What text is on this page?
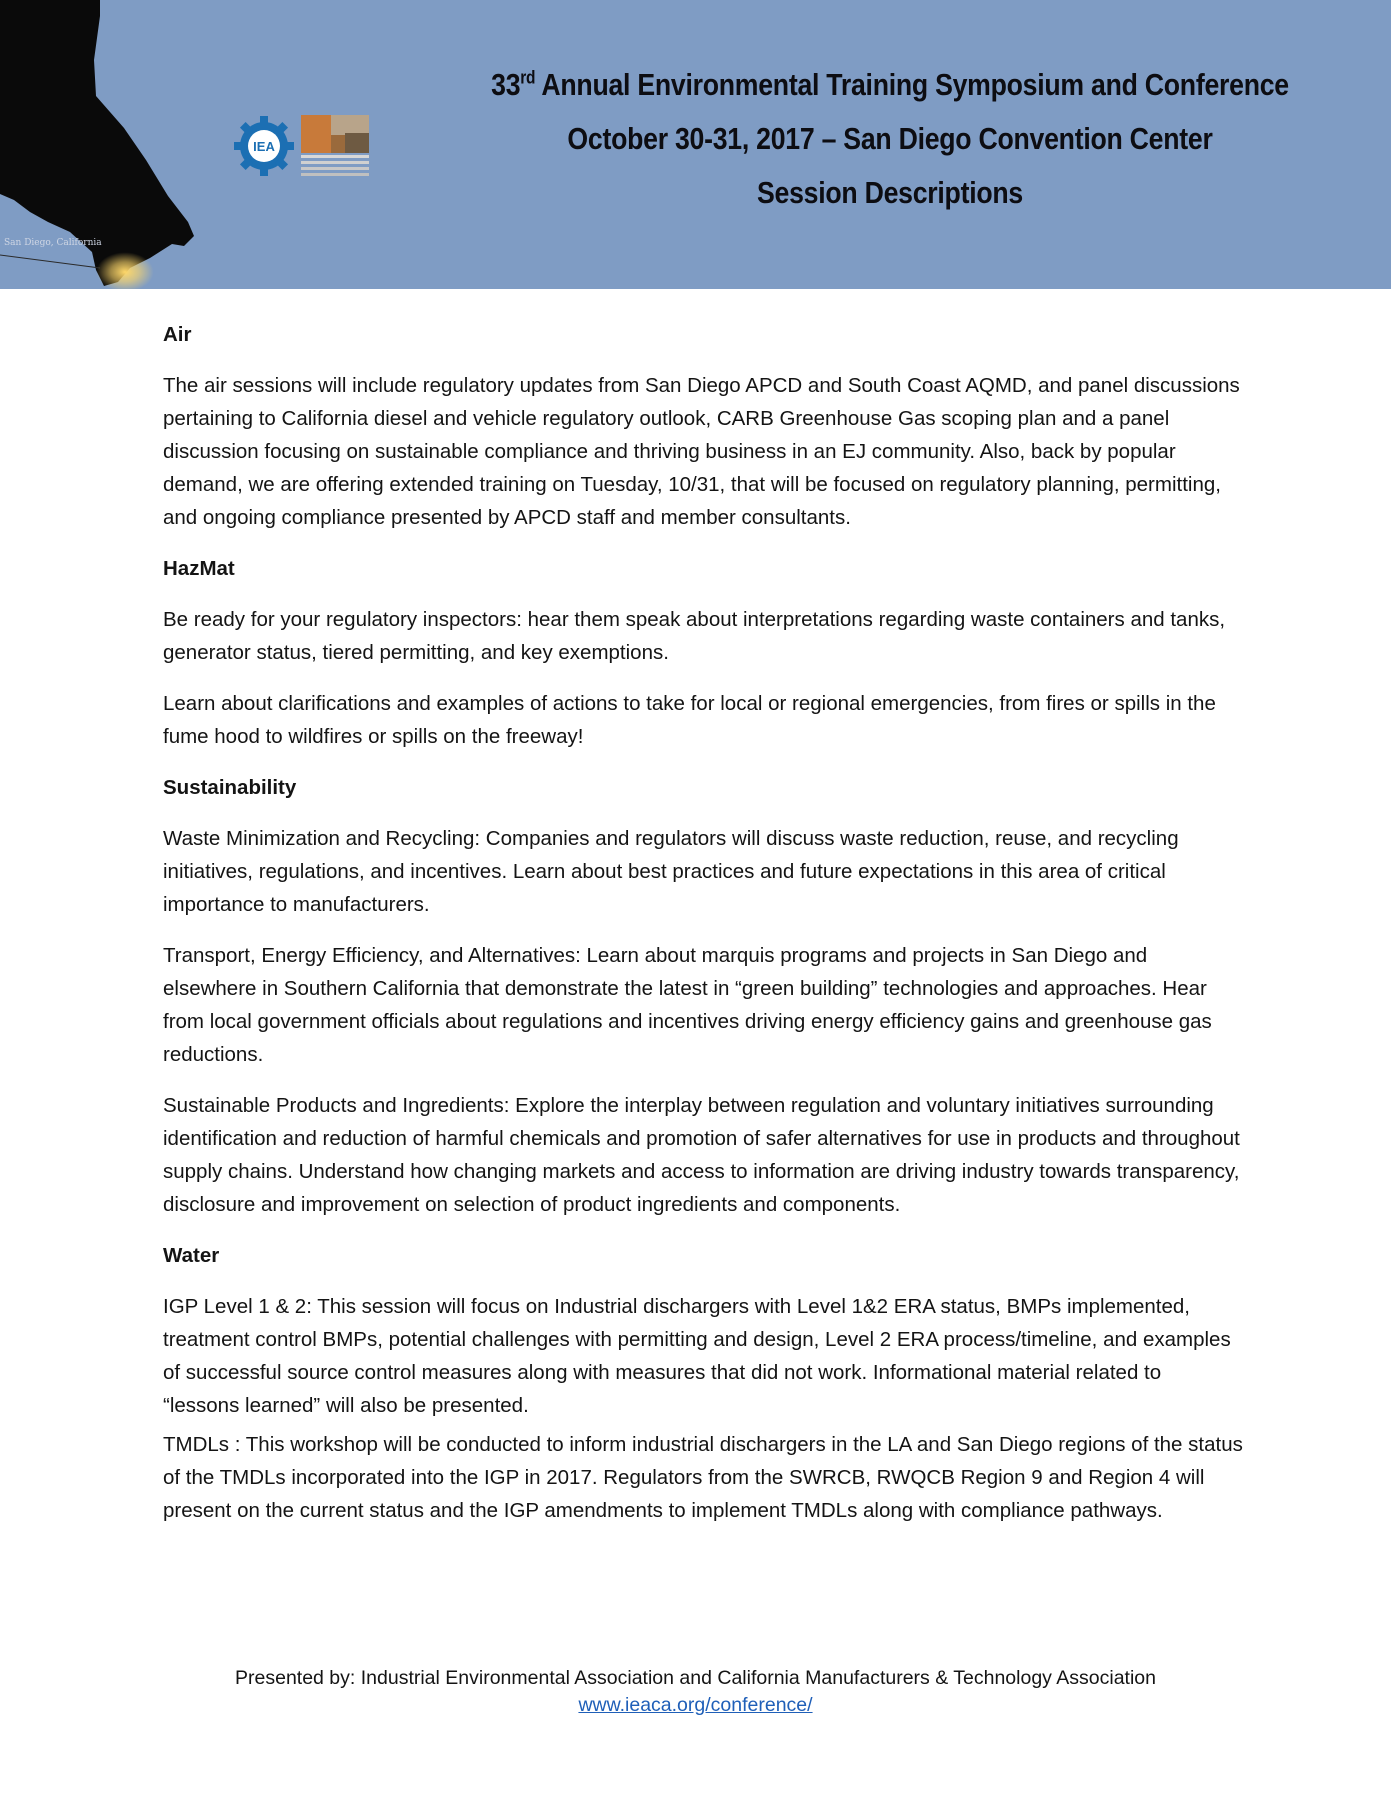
San Diego, California
IEA
33rd Annual Environmental Training Symposium and Conference
October 30-31, 2017 – San Diego Convention Center
Session Descriptions
Air
The air sessions will include regulatory updates from San Diego APCD and South Coast AQMD, and panel discussions pertaining to California diesel and vehicle regulatory outlook, CARB Greenhouse Gas scoping plan and a panel discussion focusing on sustainable compliance and thriving business in an EJ community. Also, back by popular demand, we are offering extended training on Tuesday, 10/31, that will be focused on regulatory planning, permitting, and ongoing compliance presented by APCD staff and member consultants.
HazMat
Be ready for your regulatory inspectors: hear them speak about interpretations regarding waste containers and tanks, generator status, tiered permitting, and key exemptions.
Learn about clarifications and examples of actions to take for local or regional emergencies, from fires or spills in the fume hood to wildfires or spills on the freeway!
Sustainability
Waste Minimization and Recycling: Companies and regulators will discuss waste reduction, reuse, and recycling initiatives, regulations, and incentives. Learn about best practices and future expectations in this area of critical importance to manufacturers.
Transport, Energy Efficiency, and Alternatives: Learn about marquis programs and projects in San Diego and elsewhere in Southern California that demonstrate the latest in “green building” technologies and approaches. Hear from local government officials about regulations and incentives driving energy efficiency gains and greenhouse gas reductions.
Sustainable Products and Ingredients: Explore the interplay between regulation and voluntary initiatives surrounding identification and reduction of harmful chemicals and promotion of safer alternatives for use in products and throughout supply chains. Understand how changing markets and access to information are driving industry towards transparency, disclosure and improvement on selection of product ingredients and components.
Water
IGP Level 1 & 2: This session will focus on Industrial dischargers with Level 1&2 ERA status, BMPs implemented, treatment control BMPs, potential challenges with permitting and design, Level 2 ERA process/timeline, and examples of successful source control measures along with measures that did not work. Informational material related to “lessons learned” will also be presented.
TMDLs : This workshop will be conducted to inform industrial dischargers in the LA and San Diego regions of the status of the TMDLs incorporated into the IGP in 2017. Regulators from the SWRCB, RWQCB Region 9 and Region 4 will present on the current status and the IGP amendments to implement TMDLs along with compliance pathways.
Presented by: Industrial Environmental Association and California Manufacturers & Technology Association
www.ieaca.org/conference/
